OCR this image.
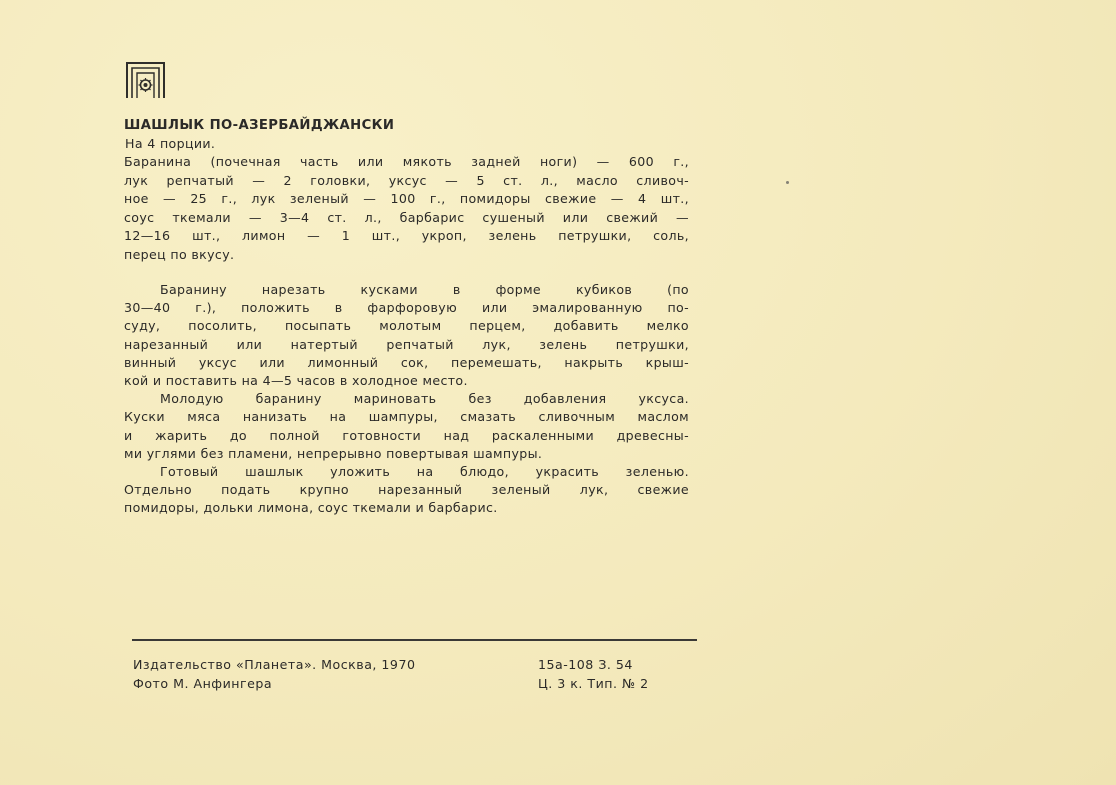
ШАШЛЫК ПО-АЗЕРБАЙДЖАНСКИ
На 4 порции.
Баранина (почечная часть или мякоть задней ноги) — 600 г.,
лук репчатый — 2 головки, уксус — 5 ст. л., масло сливоч-
ное — 25 г., лук зеленый — 100 г., помидоры свежие — 4 шт.,
соус ткемали — 3—4 ст. л., барбарис сушеный или свежий —
12—16 шт., лимон — 1 шт., укроп, зелень петрушки, соль,
перец по вкусу.
Баранину нарезать кусками в форме кубиков (по
30—40 г.), положить в фарфоровую или эмалированную по-
суду, посолить, посыпать молотым перцем, добавить мелко
нарезанный или натертый репчатый лук, зелень петрушки,
винный уксус или лимонный сок, перемешать, накрыть крыш-
кой и поставить на 4—5 часов в холодное место.
Молодую баранину мариновать без добавления уксуса.
Куски мяса нанизать на шампуры, смазать сливочным маслом
и жарить до полной готовности над раскаленными древесны-
ми углями без пламени, непрерывно повертывая шампуры.
Готовый шашлык уложить на блюдо, украсить зеленью.
Отдельно подать крупно нарезанный зеленый лук, свежие
помидоры, дольки лимона, соус ткемали и барбарис.
Издательство «Планета». Москва, 1970
Фото М. Анфингера
15а-108 З. 54
Ц. 3 к. Тип. № 2
